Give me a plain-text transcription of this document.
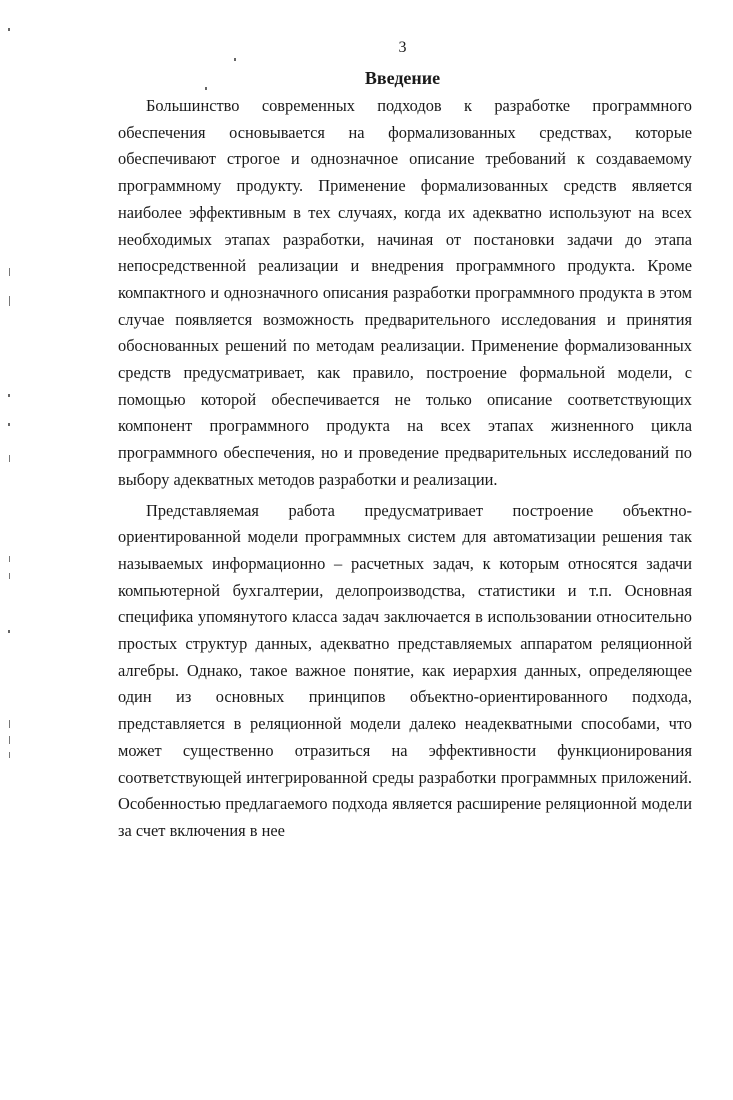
3
Введение

Большинство современных подходов к разработке программного обеспечения основывается на формализованных средствах, которые обеспечивают строгое и однозначное описание требований к создаваемому программному продукту. Применение формализованных средств является наиболее эффективным в тех случаях, когда их адекватно используют на всех необходимых этапах разработки, начиная от постановки задачи до этапа непосредственной реализации и внедрения программного продукта. Кроме компактного и однозначного описания разработки программного продукта в этом случае появляется возможность предварительного исследования и принятия обоснованных решений по методам реализации. Применение формализованных средств предусматривает, как правило, построение формальной модели, с помощью которой обеспечивается не только описание соответствующих компонент программного продукта на всех этапах жизненного цикла программного обеспечения, но и проведение предварительных исследований по выбору адекватных методов разработки и реализации.

Представляемая работа предусматривает построение объектно-ориентированной модели программных систем для автоматизации решения так называемых информационно – расчетных задач, к которым относятся задачи компьютерной бухгалтерии, делопроизводства, статистики и т.п. Основная специфика упомянутого класса задач заключается в использовании относительно простых структур данных, адекватно представляемых аппаратом реляционной алгебры. Однако, такое важное понятие, как иерархия данных, определяющее один из основных принципов объектно-ориентированного подхода, представляется в реляционной модели далеко неадекватными способами, что может существенно отразиться на эффективности функционирования соответствующей интегрированной среды разработки программных приложений. Особенностью предлагаемого подхода является расширение реляционной модели за счет включения в нее
